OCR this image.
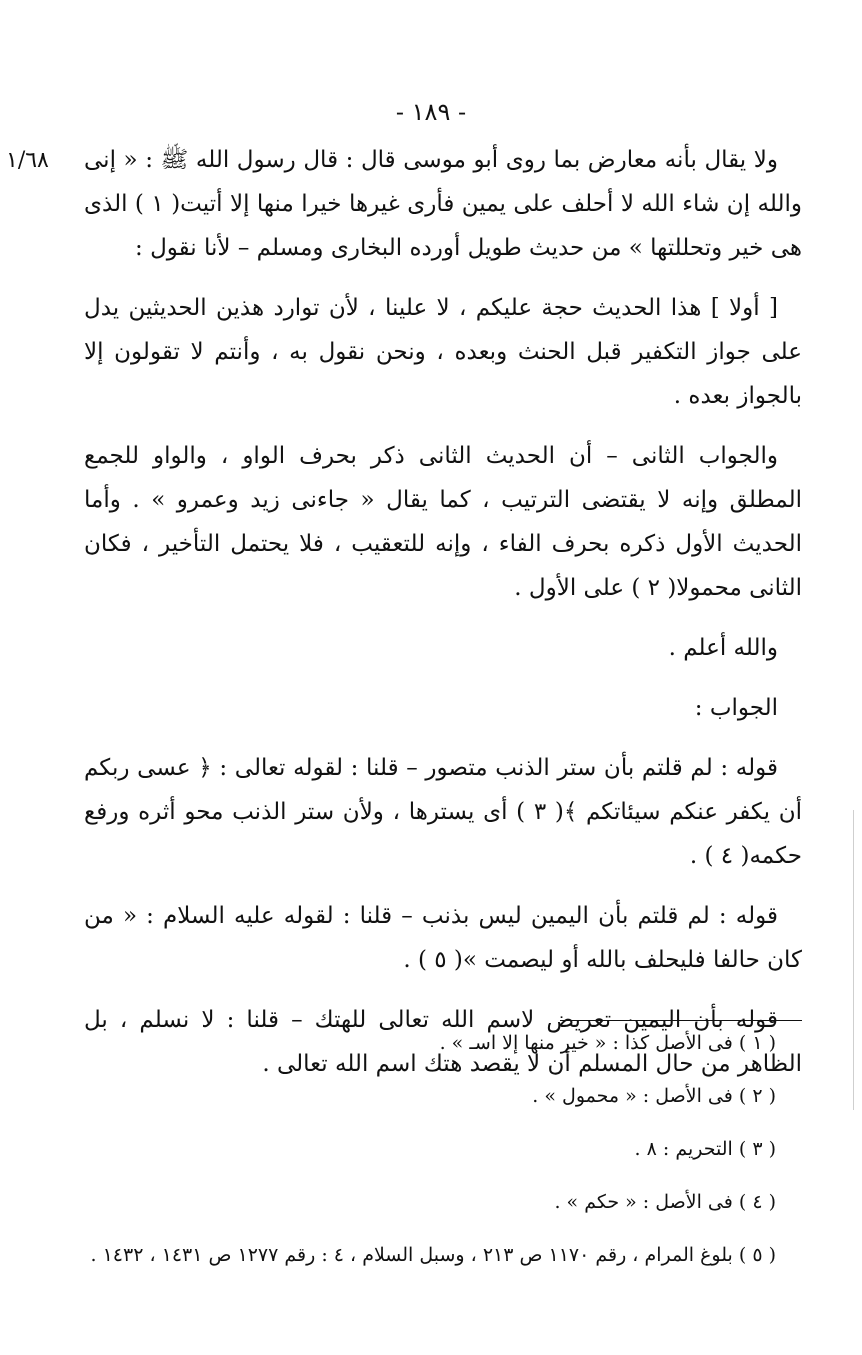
- ١٨٩ -
١/٦٨ ولا يقال بأنه معارض بما روى أبو موسى قال : قال رسول الله ﷺ : « إنى والله إن شاء الله لا أحلف على يمين فأرى غيرها خيرا منها إلا أتيت( ١ ) الذى هى خير وتحللتها » من حديث طويل أورده البخارى ومسلم – لأنا نقول :

[ أولا ] هذا الحديث حجة عليكم ، لا علينا ، لأن توارد هذين الحديثين يدل على جواز التكفير قبل الحنث وبعده ، ونحن نقول به ، وأنتم لا تقولون إلا بالجواز بعده .

والجواب الثانى – أن الحديث الثانى ذكر بحرف الواو ، والواو للجمع المطلق وإنه لا يقتضى الترتيب ، كما يقال « جاءنى زيد وعمرو » . وأما الحديث الأول ذكره بحرف الفاء ، وإنه للتعقيب ، فلا يحتمل التأخير ، فكان الثانى محمولا( ٢ ) على الأول .

والله أعلم .

الجواب :

قوله : لم قلتم بأن ستر الذنب متصور – قلنا : لقوله تعالى : ﴿ عسى ربكم أن يكفر عنكم سيئاتكم ﴾( ٣ ) أى يسترها ، ولأن ستر الذنب محو أثره ورفع حكمه( ٤ ) .

قوله : لم قلتم بأن اليمين ليس بذنب – قلنا : لقوله عليه السلام : « من كان حالفا فليحلف بالله أو ليصمت »( ٥ ) .

قوله بأن اليمين تعريض لاسم الله تعالى للهتك – قلنا : لا نسلم ، بل الظاهر من حال المسلم أن لا يقصد هتك اسم الله تعالى .

( ١ ) فى الأصل كذا : « خير منها إلا اسـ » .

( ٢ ) فى الأصل : « محمول » .

( ٣ ) التحريم : ٨ .

( ٤ ) فى الأصل : « حكم » .

( ٥ ) بلوغ المرام ، رقم ١١٧٠ ص ٢١٣ ، وسبل السلام ، ٤ : رقم ١٢٧٧ ص ١٤٣١ ، ١٤٣٢ .
